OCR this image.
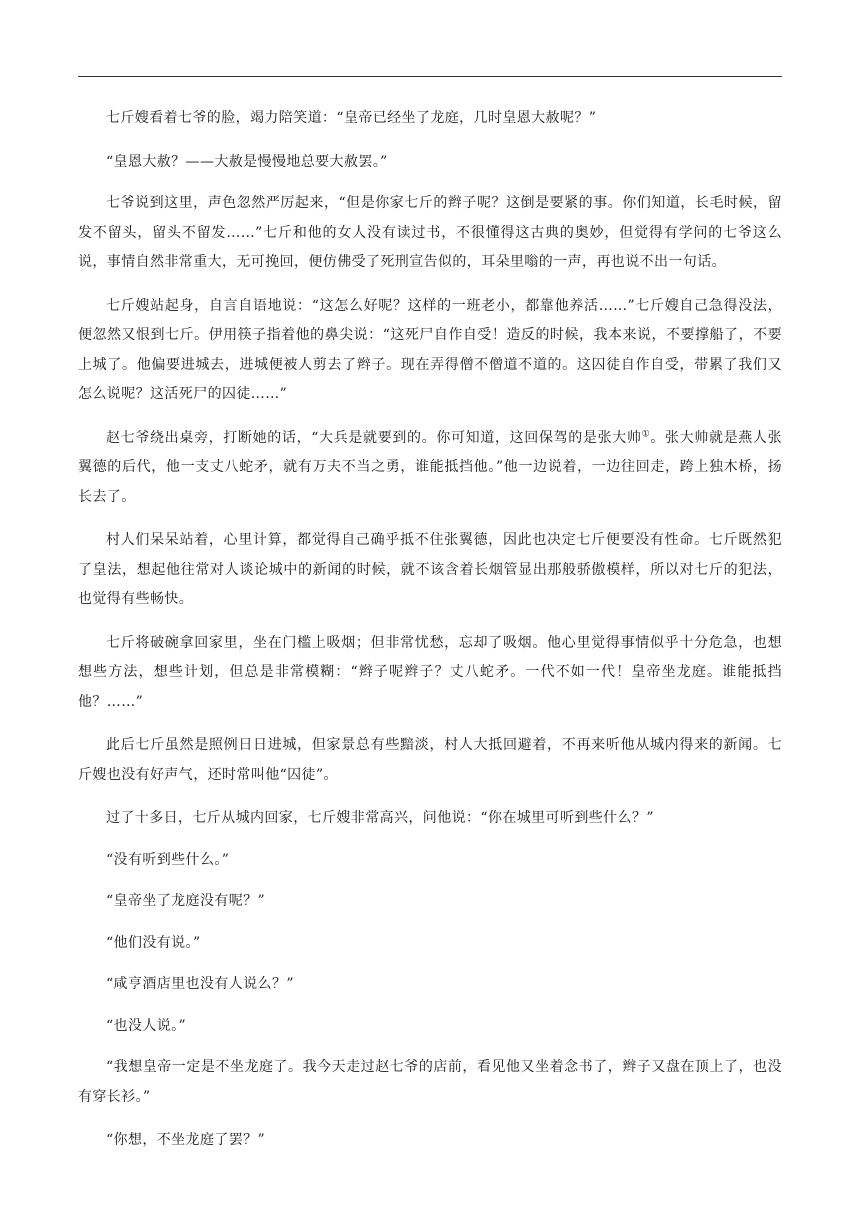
七斤嫂看着七爷的脸，竭力陪笑道：“皇帝已经坐了龙庭，几时皇恩大赦呢？”

“皇恩大赦？——大赦是慢慢地总要大赦罢。”

七爷说到这里，声色忽然严厉起来，“但是你家七斤的辫子呢？这倒是要紧的事。你们知道，长毛时候，留发不留头，留头不留发……”七斤和他的女人没有读过书，不很懂得这古典的奥妙，但觉得有学问的七爷这么说，事情自然非常重大，无可挽回，便仿佛受了死刑宣告似的，耳朵里嗡的一声，再也说不出一句话。

七斤嫂站起身，自言自语地说：“这怎么好呢？这样的一班老小，都靠他养活……”七斤嫂自己急得没法，便忽然又恨到七斤。伊用筷子指着他的鼻尖说：“这死尸自作自受！造反的时候，我本来说，不要撑船了，不要上城了。他偏要进城去，进城便被人剪去了辫子。现在弄得僧不僧道不道的。这囚徒自作自受，带累了我们又怎么说呢？这活死尸的囚徒……”

赵七爷绕出桌旁，打断她的话，“大兵是就要到的。你可知道，这回保驾的是张大帅①。张大帅就是燕人张翼德的后代，他一支丈八蛇矛，就有万夫不当之勇，谁能抵挡他。”他一边说着，一边往回走，跨上独木桥，扬长去了。

村人们呆呆站着，心里计算，都觉得自己确乎抵不住张翼德，因此也决定七斤便要没有性命。七斤既然犯了皇法，想起他往常对人谈论城中的新闻的时候，就不该含着长烟管显出那般骄傲模样，所以对七斤的犯法，也觉得有些畅快。

七斤将破碗拿回家里，坐在门槛上吸烟；但非常忧愁，忘却了吸烟。他心里觉得事情似乎十分危急，也想想些方法，想些计划，但总是非常模糊：“辫子呢辫子？丈八蛇矛。一代不如一代！皇帝坐龙庭。谁能抵挡他？……”

此后七斤虽然是照例日日进城，但家景总有些黯淡，村人大抵回避着，不再来听他从城内得来的新闻。七斤嫂也没有好声气，还时常叫他“囚徒”。

过了十多日，七斤从城内回家，七斤嫂非常高兴，问他说：“你在城里可听到些什么？”

“没有听到些什么。”

“皇帝坐了龙庭没有呢？”

“他们没有说。”

“咸亨酒店里也没有人说么？”

“也没人说。”

“我想皇帝一定是不坐龙庭了。我今天走过赵七爷的店前，看见他又坐着念书了，辫子又盘在顶上了，也没有穿长衫。”

“你想，不坐龙庭了罢？”
